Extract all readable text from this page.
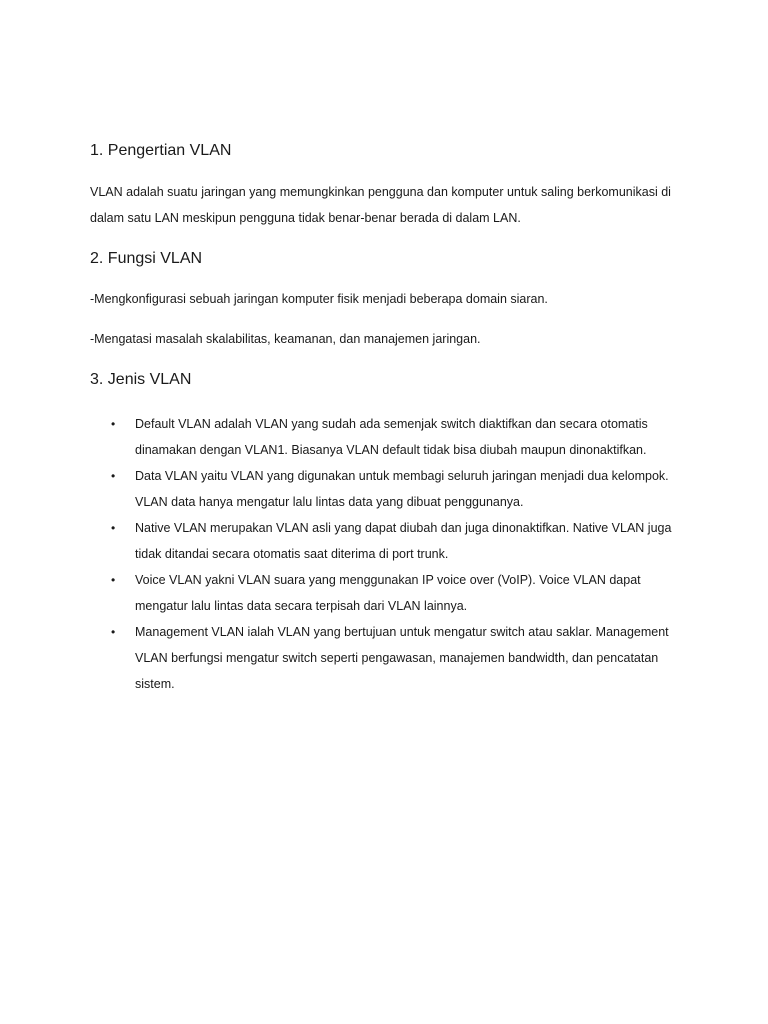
1. Pengertian VLAN

VLAN adalah suatu jaringan yang memungkinkan pengguna dan komputer untuk saling berkomunikasi di dalam satu LAN meskipun pengguna tidak benar-benar berada di dalam LAN.

2. Fungsi VLAN

-Mengkonfigurasi sebuah jaringan komputer fisik menjadi beberapa domain siaran.

-Mengatasi masalah skalabilitas, keamanan, dan manajemen jaringan.

3. Jenis VLAN
• Default VLAN adalah VLAN yang sudah ada semenjak switch diaktifkan dan secara otomatis dinamakan dengan VLAN1. Biasanya VLAN default tidak bisa diubah maupun dinonaktifkan.
• Data VLAN yaitu VLAN yang digunakan untuk membagi seluruh jaringan menjadi dua kelompok. VLAN data hanya mengatur lalu lintas data yang dibuat penggunanya.
• Native VLAN merupakan VLAN asli yang dapat diubah dan juga dinonaktifkan. Native VLAN juga tidak ditandai secara otomatis saat diterima di port trunk.
• Voice VLAN yakni VLAN suara yang menggunakan IP voice over (VoIP). Voice VLAN dapat mengatur lalu lintas data secara terpisah dari VLAN lainnya.
• Management VLAN ialah VLAN yang bertujuan untuk mengatur switch atau saklar. Management VLAN berfungsi mengatur switch seperti pengawasan, manajemen bandwidth, dan pencatatan sistem.
